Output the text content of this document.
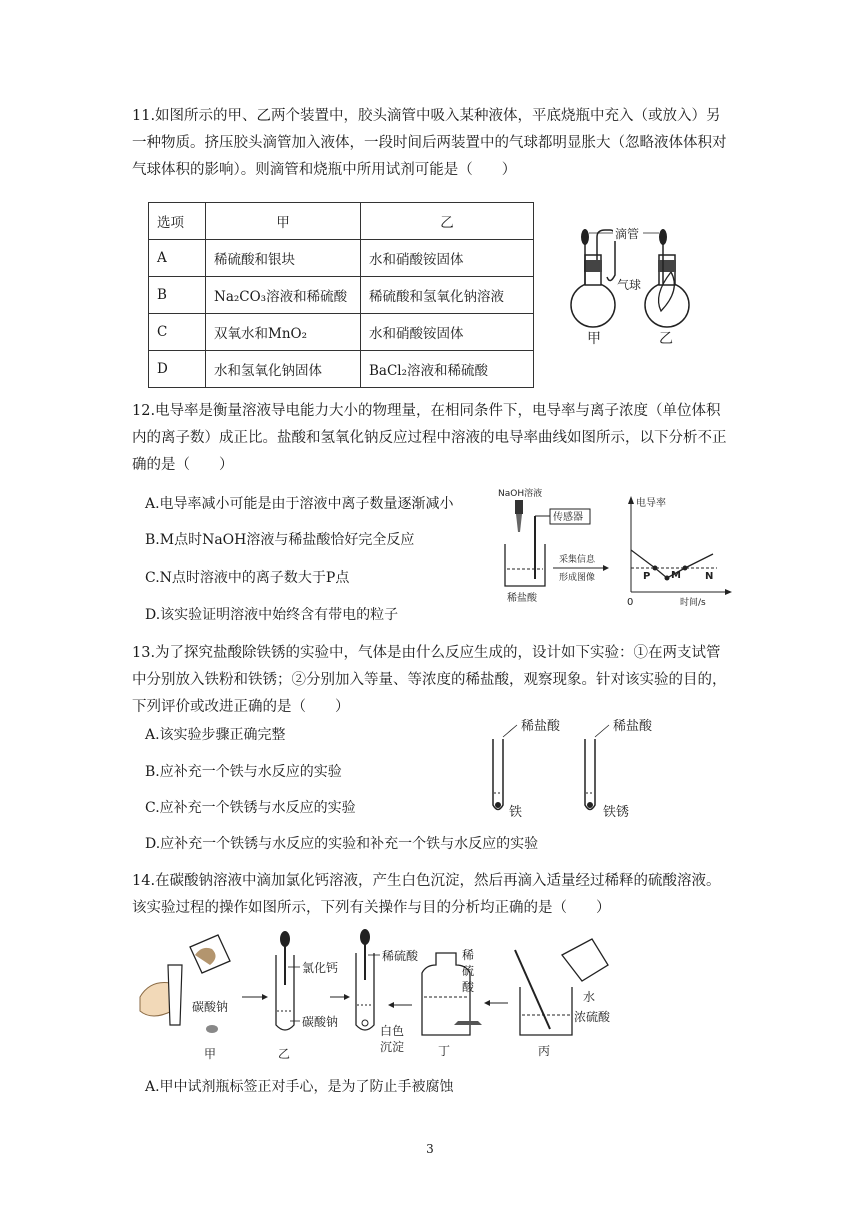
11.如图所示的甲、乙两个装置中，胶头滴管中吸入某种液体，平底烧瓶中充入（或放入）另一种物质。挤压胶头滴管加入液体，一段时间后两装置中的气球都明显胀大（忽略液体体积对气球体积的影响）。则滴管和烧瓶中所用试剂可能是（　　）
选项	甲	乙
A	稀硫酸和银块	水和硝酸铵固体
B	Na₂CO₃溶液和稀硫酸	稀硫酸和氢氧化钠溶液
C	双氧水和MnO₂	水和硝酸铵固体
D	水和氢氧化钠固体	BaCl₂溶液和稀硫酸
滴管
气球
甲	乙
12.电导率是衡量溶液导电能力大小的物理量，在相同条件下，电导率与离子浓度（单位体积内的离子数）成正比。盐酸和氢氧化钠反应过程中溶液的电导率曲线如图所示，以下分析不正确的是（　　）
A.电导率减小可能是由于溶液中离子数量逐渐减小
B.M点时NaOH溶液与稀盐酸恰好完全反应
C.N点时溶液中的离子数大于P点
D.该实验证明溶液中始终含有带电的粒子
NaOH溶液
传感器
稀盐酸
采集信息
形成图像
电导率
时间/s
0
P M N
13.为了探究盐酸除铁锈的实验中，气体是由什么反应生成的，设计如下实验：①在两支试管中分别放入铁粉和铁锈；②分别加入等量、等浓度的稀盐酸，观察现象。针对该实验的目的，下列评价或改进正确的是（　　）
A.该实验步骤正确完整
B.应补充一个铁与水反应的实验
C.应补充一个铁锈与水反应的实验
D.应补充一个铁锈与水反应的实验和补充一个铁与水反应的实验
稀盐酸
铁
稀盐酸
铁锈
14.在碳酸钠溶液中滴加氯化钙溶液，产生白色沉淀，然后再滴入适量经过稀释的硫酸溶液。该实验过程的操作如图所示，下列有关操作与目的分析均正确的是（　　）
碳酸钠
甲
氯化钙
碳酸钠
乙
稀硫酸
白色
沉淀	丁
稀
硫
酸
水
浓硫酸
丙
A.甲中试剂瓶标签正对手心，是为了防止手被腐蚀
3
